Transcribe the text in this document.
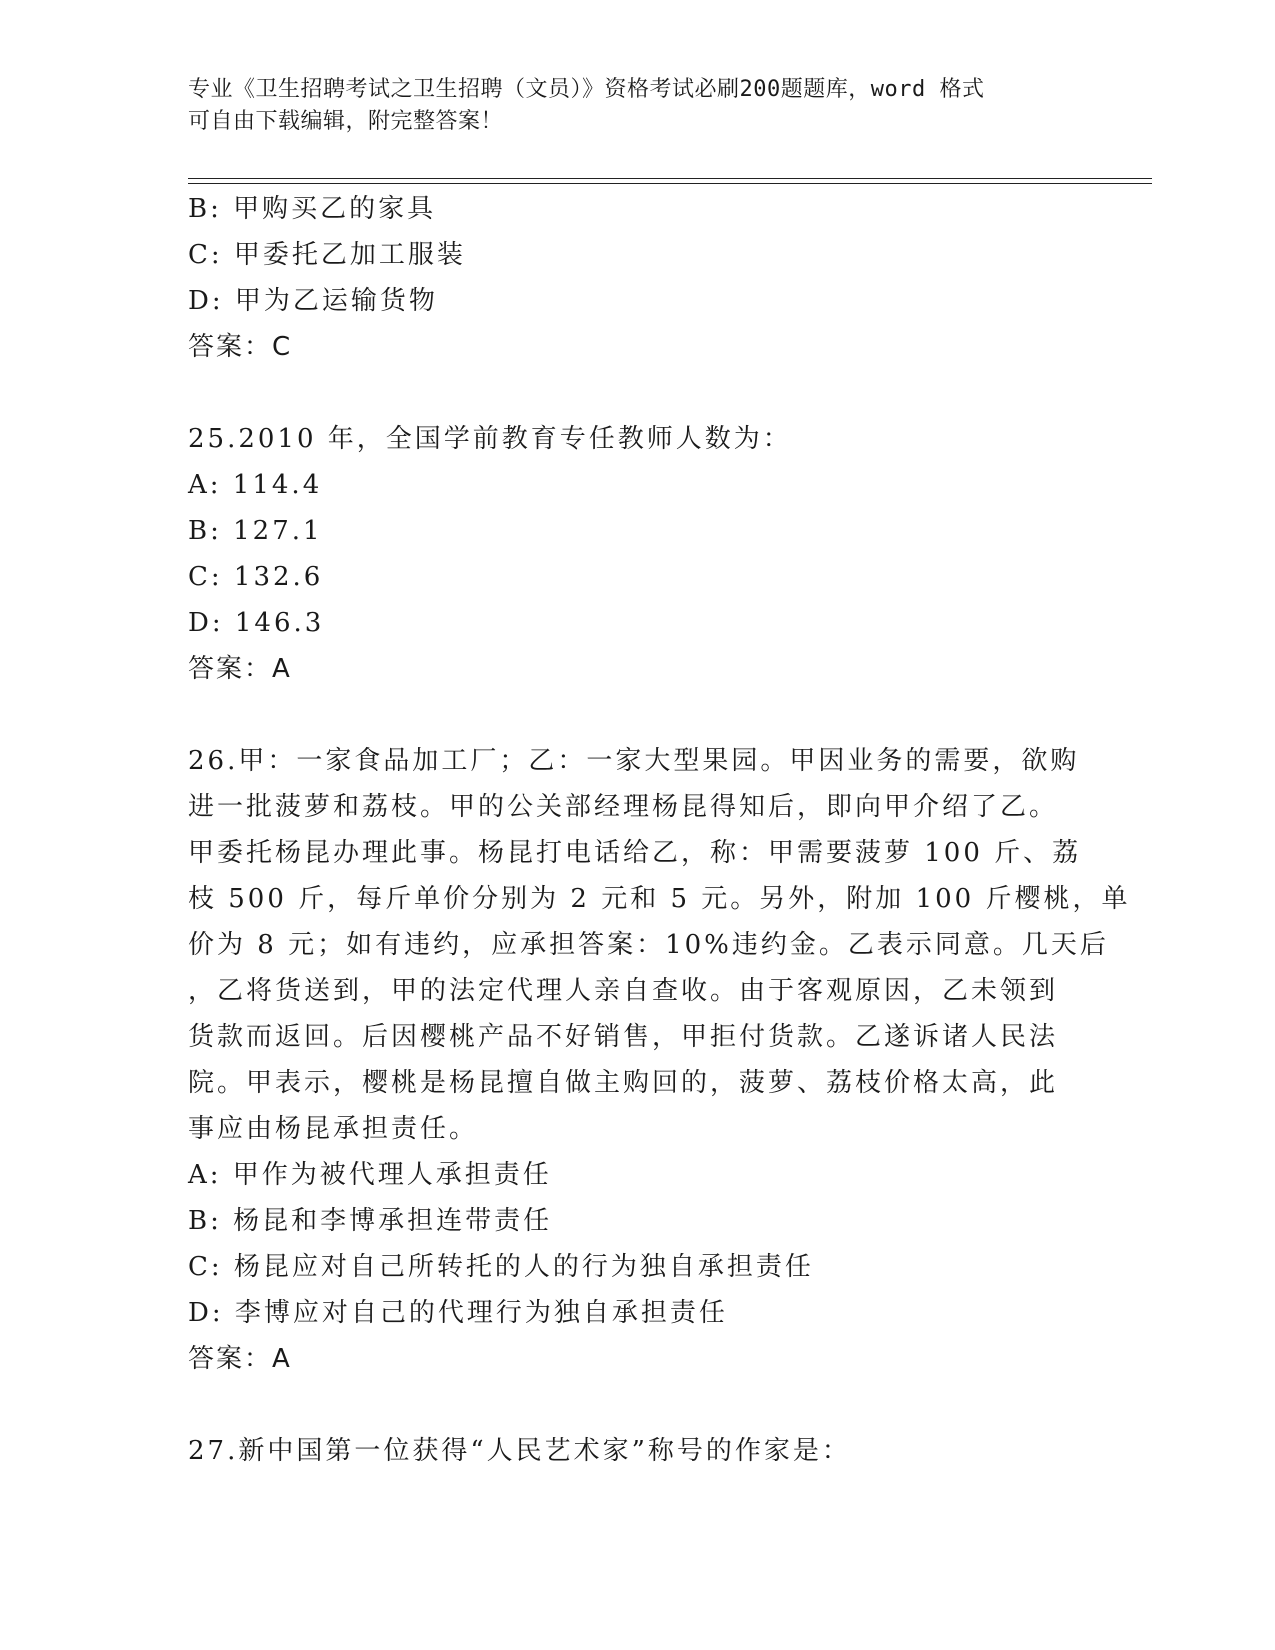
专业《卫生招聘考试之卫生招聘（文员）》资格考试必刷200题题库，word 格式
可自由下载编辑，附完整答案！
B: 甲购买乙的家具
C: 甲委托乙加工服装
D: 甲为乙运输货物
答案：C
25.2010 年，全国学前教育专任教师人数为：
A: 114.4
B: 127.1
C: 132.6
D: 146.3
答案：A
26.甲：一家食品加工厂；乙：一家大型果园。甲因业务的需要，欲购
进一批菠萝和荔枝。甲的公关部经理杨昆得知后，即向甲介绍了乙。
甲委托杨昆办理此事。杨昆打电话给乙，称：甲需要菠萝 100 斤、荔
枝 500 斤，每斤单价分别为 2 元和 5 元。另外，附加 100 斤樱桃，单
价为 8 元；如有违约，应承担答案：10%违约金。乙表示同意。几天后
，乙将货送到，甲的法定代理人亲自查收。由于客观原因，乙未领到
货款而返回。后因樱桃产品不好销售，甲拒付货款。乙遂诉诸人民法
院。甲表示，樱桃是杨昆擅自做主购回的，菠萝、荔枝价格太高，此
事应由杨昆承担责任。
A: 甲作为被代理人承担责任
B: 杨昆和李博承担连带责任
C: 杨昆应对自己所转托的人的行为独自承担责任
D: 李博应对自己的代理行为独自承担责任
答案：A
27.新中国第一位获得“人民艺术家”称号的作家是：
